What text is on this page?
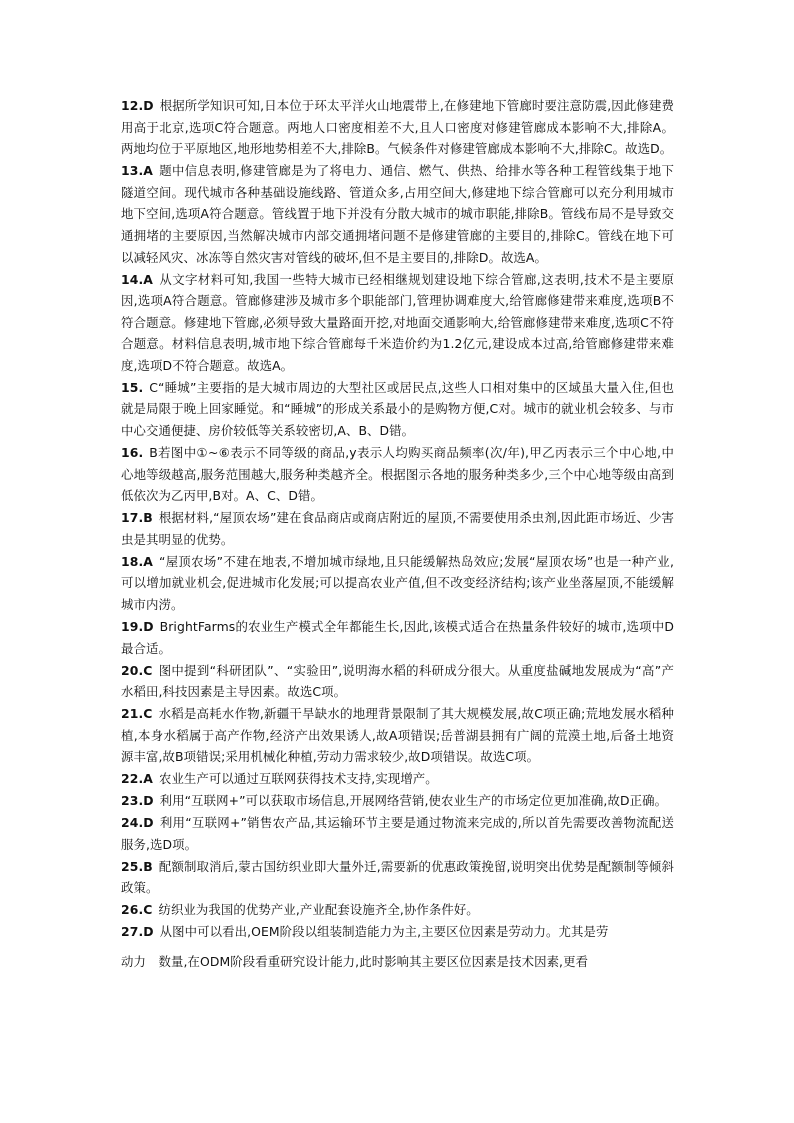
12.D 根据所学知识可知,日本位于环太平洋火山地震带上,在修建地下管廊时要注意防震,因此修建费用高于北京,选项C符合题意。两地人口密度相差不大,且人口密度对修建管廊成本影响不大,排除A。两地均位于平原地区,地形地势相差不大,排除B。气候条件对修建管廊成本影响不大,排除C。故选D。

13.A 题中信息表明,修建管廊是为了将电力、通信、燃气、供热、给排水等各种工程管线集于地下隧道空间。现代城市各种基础设施线路、管道众多,占用空间大,修建地下综合管廊可以充分利用城市地下空间,选项A符合题意。管线置于地下并没有分散大城市的城市职能,排除B。管线布局不是导致交通拥堵的主要原因,当然解决城市内部交通拥堵问题不是修建管廊的主要目的,排除C。管线在地下可以减轻风灾、冰冻等自然灾害对管线的破坏,但不是主要目的,排除D。故选A。

14.A 从文字材料可知,我国一些特大城市已经相继规划建设地下综合管廊,这表明,技术不是主要原因,选项A符合题意。管廊修建涉及城市多个职能部门,管理协调难度大,给管廊修建带来难度,选项B不符合题意。修建地下管廊,必须导致大量路面开挖,对地面交通影响大,给管廊修建带来难度,选项C不符合题意。材料信息表明,城市地下综合管廊每千米造价约为1.2亿元,建设成本过高,给管廊修建带来难度,选项D不符合题意。故选A。

15. C“睡城”主要指的是大城市周边的大型社区或居民点,这些人口相对集中的区域虽大量入住,但也就是局限于晚上回家睡觉。和“睡城”的形成关系最小的是购物方便,C对。城市的就业机会较多、与市中心交通便捷、房价较低等关系较密切,A、B、D错。

16. B若图中①~⑥表示不同等级的商品,y表示人均购买商品频率(次/年),甲乙丙表示三个中心地,中心地等级越高,服务范围越大,服务种类越齐全。根据图示各地的服务种类多少,三个中心地等级由高到低依次为乙丙甲,B对。A、C、D错。

17.B 根据材料,“屋顶农场”建在食品商店或商店附近的屋顶,不需要使用杀虫剂,因此距市场近、少害虫是其明显的优势。

18.A “屋顶农场”不建在地表,不增加城市绿地,且只能缓解热岛效应;发展“屋顶农场”也是一种产业,可以增加就业机会,促进城市化发展;可以提高农业产值,但不改变经济结构;该产业坐落屋顶,不能缓解城市内涝。

19.D BrightFarms的农业生产模式全年都能生长,因此,该模式适合在热量条件较好的城市,选项中D最合适。

20.C 图中提到“科研团队”、“实验田”,说明海水稻的科研成分很大。从重度盐碱地发展成为“高”产水稻田,科技因素是主导因素。故选C项。

21.C 水稻是高耗水作物,新疆干旱缺水的地理背景限制了其大规模发展,故C项正确;荒地发展水稻种植,本身水稻属于高产作物,经济产出效果诱人,故A项错误;岳普湖县拥有广阔的荒漠土地,后备土地资源丰富,故B项错误;采用机械化种植,劳动力需求较少,故D项错误。故选C项。

22.A 农业生产可以通过互联网获得技术支持,实现增产。

23.D 利用“互联网+”可以获取市场信息,开展网络营销,使农业生产的市场定位更加准确,故D正确。

24.D 利用“互联网+”销售农产品,其运输环节主要是通过物流来完成的,所以首先需要改善物流配送服务,选D项。

25.B 配额制取消后,蒙古国纺织业即大量外迁,需要新的优惠政策挽留,说明突出优势是配额制等倾斜政策。

26.C 纺织业为我国的优势产业,产业配套设施齐全,协作条件好。

27.D 从图中可以看出,OEM阶段以组装制造能力为主,主要区位因素是劳动力。尤其是劳

动力　数量,在ODM阶段看重研究设计能力,此时影响其主要区位因素是技术因素,更看
